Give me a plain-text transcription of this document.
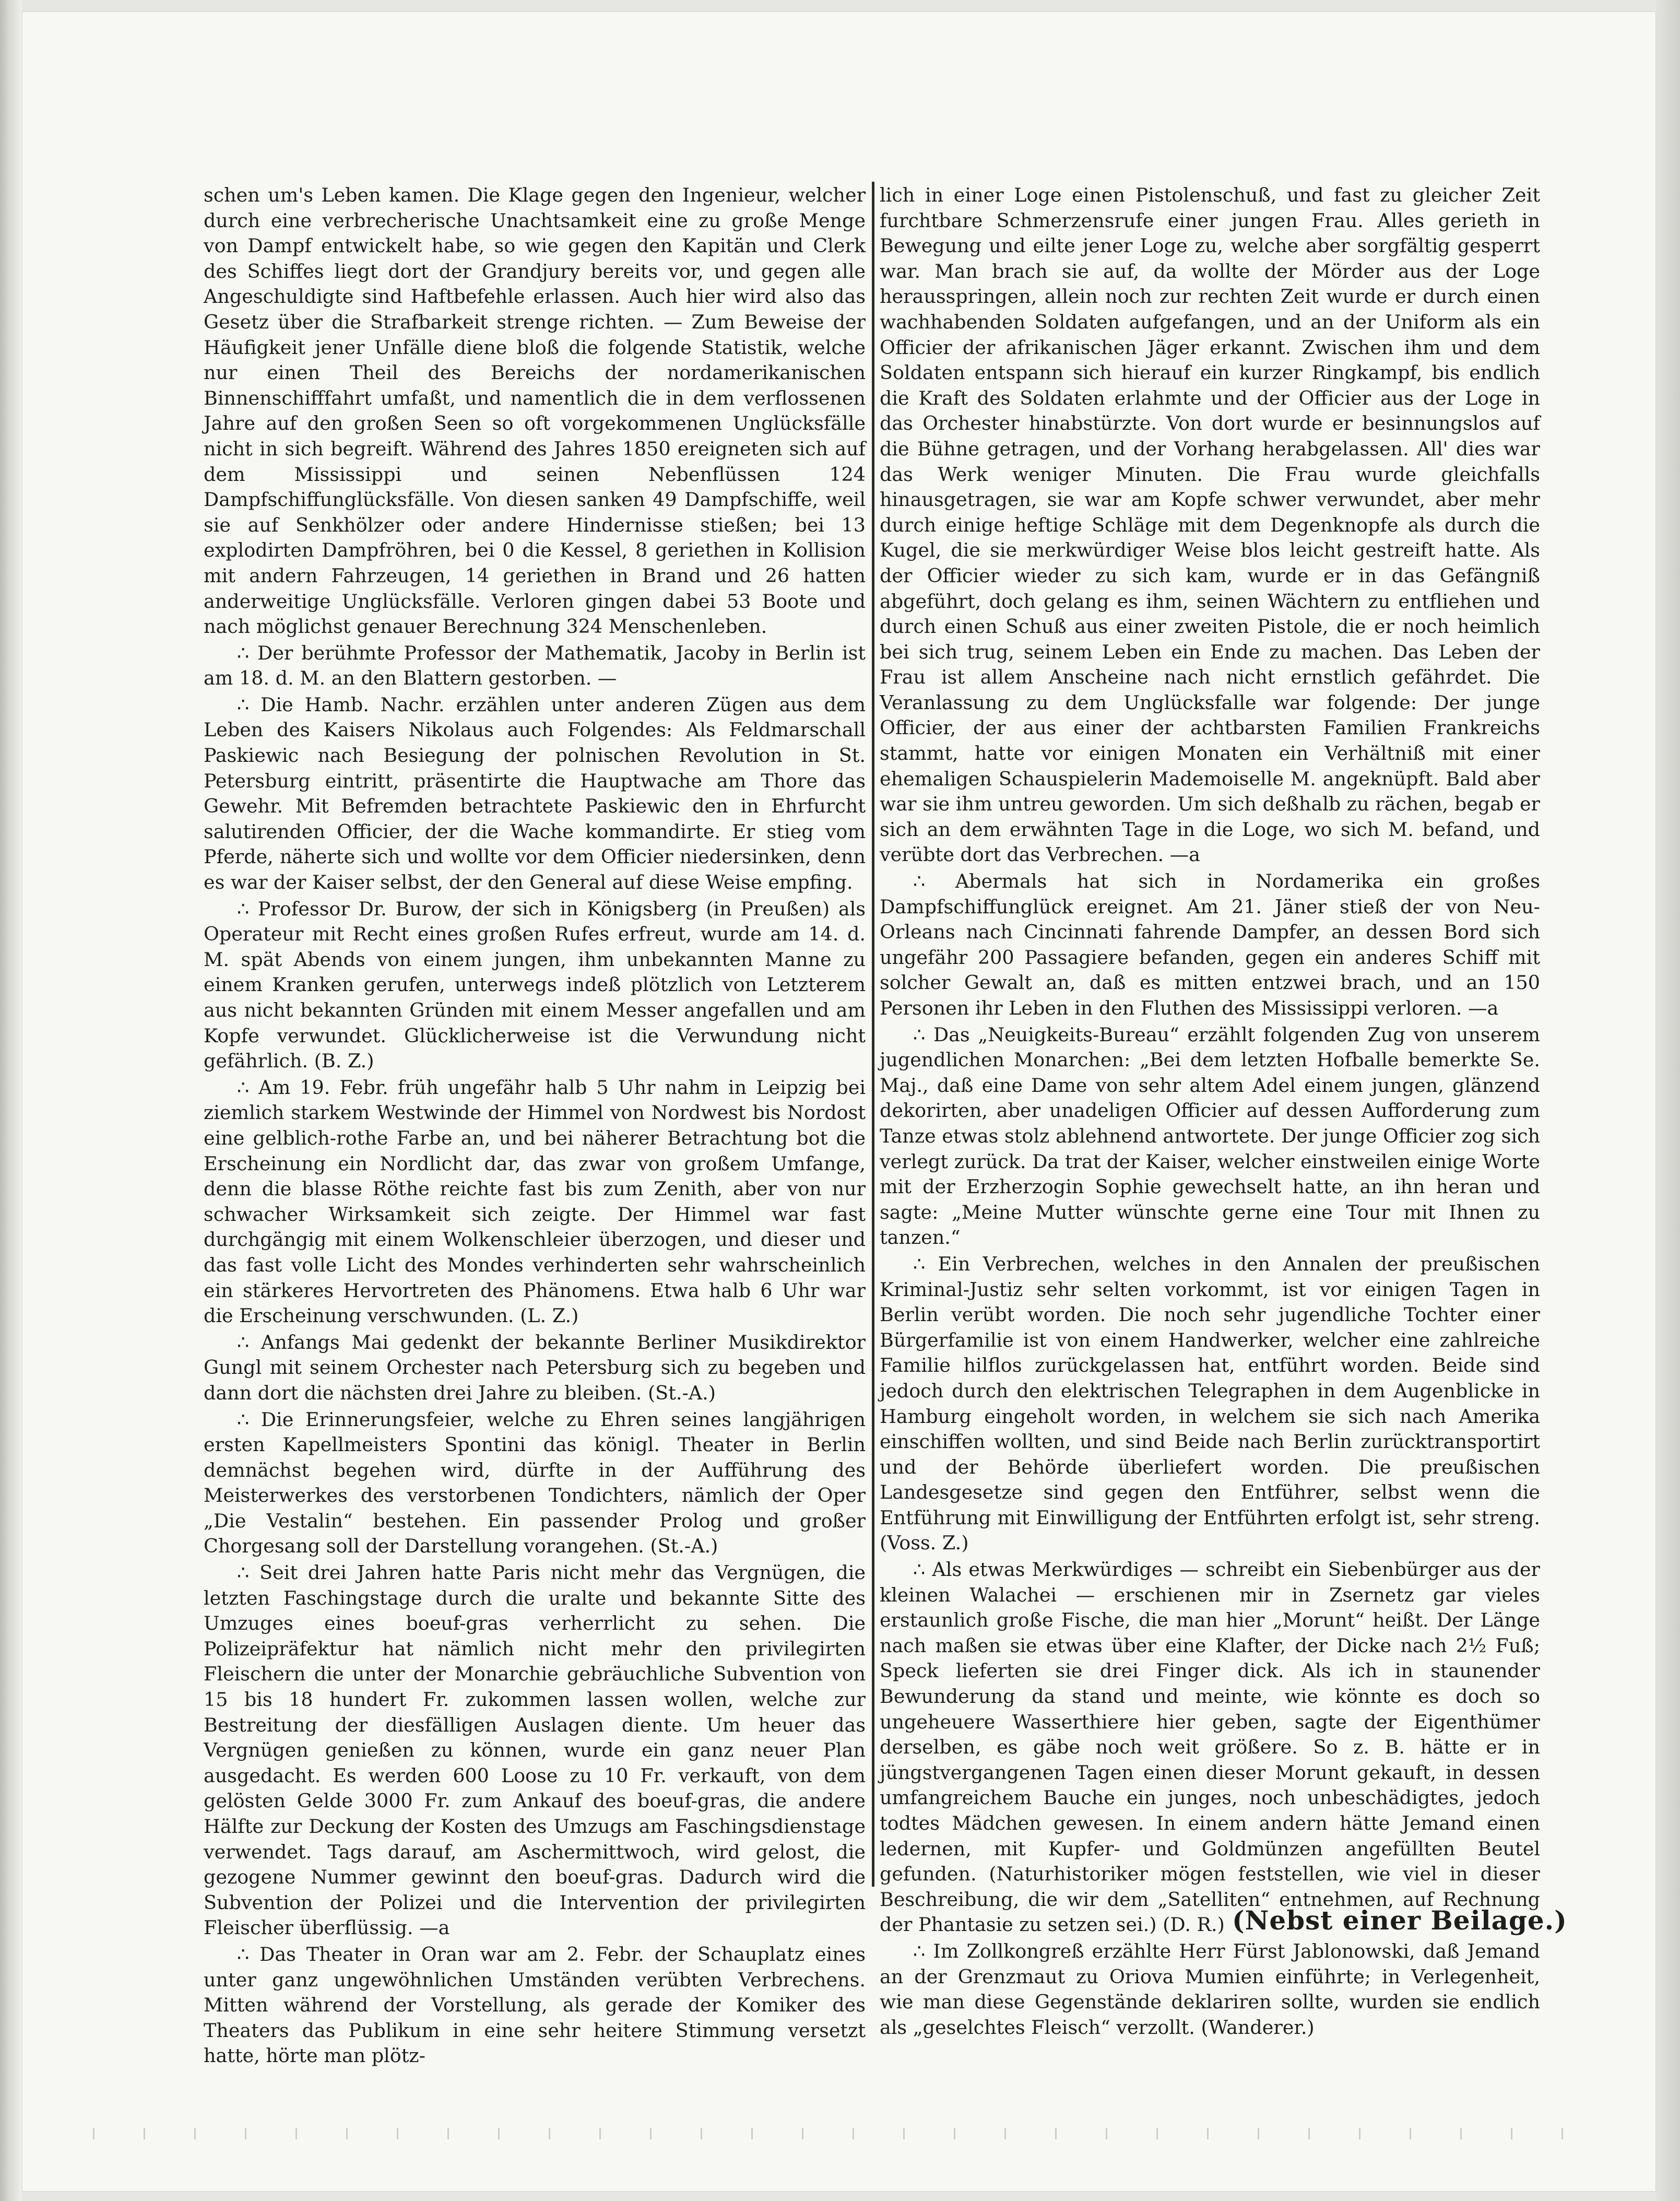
schen um's Leben kamen. Die Klage gegen den Ingenieur, welcher durch eine verbrecherische Unachtsamkeit eine zu große Menge von Dampf entwickelt habe, so wie gegen den Kapitän und Clerk des Schiffes liegt dort der Grandjury bereits vor, und gegen alle Angeschuldigte sind Haftbefehle erlassen. Auch hier wird also das Gesetz über die Strafbarkeit strenge richten. — Zum Beweise der Häufigkeit jener Unfälle diene bloß die folgende Statistik, welche nur einen Theil des Bereichs der nordamerikanischen Binnenschifffahrt umfaßt, und namentlich die in dem verflossenen Jahre auf den großen Seen so oft vorgekommenen Unglücksfälle nicht in sich begreift. Während des Jahres 1850 ereigneten sich auf dem Mississippi und seinen Nebenflüssen 124 Dampfschiffunglücksfälle. Von diesen sanken 49 Dampfschiffe, weil sie auf Senkhölzer oder andere Hindernisse stießen; bei 13 explodirten Dampfröhren, bei 0 die Kessel, 8 geriethen in Kollision mit andern Fahrzeugen, 14 geriethen in Brand und 26 hatten anderweitige Unglücksfälle. Verloren gingen dabei 53 Boote und nach möglichst genauer Berechnung 324 Menschenleben.

∴ Der berühmte Professor der Mathematik, Jacoby in Berlin ist am 18. d. M. an den Blattern gestorben. —

∴ Die Hamb. Nachr. erzählen unter anderen Zügen aus dem Leben des Kaisers Nikolaus auch Folgendes: Als Feldmarschall Paskiewic nach Besiegung der polnischen Revolution in St. Petersburg eintritt, präsentirte die Hauptwache am Thore das Gewehr. Mit Befremden betrachtete Paskiewic den in Ehrfurcht salutirenden Officier, der die Wache kommandirte. Er stieg vom Pferde, näherte sich und wollte vor dem Officier niedersinken, denn es war der Kaiser selbst, der den General auf diese Weise empfing.

∴ Professor Dr. Burow, der sich in Königsberg (in Preußen) als Operateur mit Recht eines großen Rufes erfreut, wurde am 14. d. M. spät Abends von einem jungen, ihm unbekannten Manne zu einem Kranken gerufen, unterwegs indeß plötzlich von Letzterem aus nicht bekannten Gründen mit einem Messer angefallen und am Kopfe verwundet. Glücklicherweise ist die Verwundung nicht gefährlich. (B. Z.)

∴ Am 19. Febr. früh ungefähr halb 5 Uhr nahm in Leipzig bei ziemlich starkem Westwinde der Himmel von Nordwest bis Nordost eine gelblich-rothe Farbe an, und bei näherer Betrachtung bot die Erscheinung ein Nordlicht dar, das zwar von großem Umfange, denn die blasse Röthe reichte fast bis zum Zenith, aber von nur schwacher Wirksamkeit sich zeigte. Der Himmel war fast durchgängig mit einem Wolkenschleier überzogen, und dieser und das fast volle Licht des Mondes verhinderten sehr wahrscheinlich ein stärkeres Hervortreten des Phänomens. Etwa halb 6 Uhr war die Erscheinung verschwunden. (L. Z.)

∴ Anfangs Mai gedenkt der bekannte Berliner Musikdirektor Gungl mit seinem Orchester nach Petersburg sich zu begeben und dann dort die nächsten drei Jahre zu bleiben. (St.-A.)

∴ Die Erinnerungsfeier, welche zu Ehren seines langjährigen ersten Kapellmeisters Spontini das königl. Theater in Berlin demnächst begehen wird, dürfte in der Aufführung des Meisterwerkes des verstorbenen Tondichters, nämlich der Oper „Die Vestalin“ bestehen. Ein passender Prolog und großer Chorgesang soll der Darstellung vorangehen. (St.-A.)

∴ Seit drei Jahren hatte Paris nicht mehr das Vergnügen, die letzten Faschingstage durch die uralte und bekannte Sitte des Umzuges eines boeuf-gras verherrlicht zu sehen. Die Polizeipräfektur hat nämlich nicht mehr den privilegirten Fleischern die unter der Monarchie gebräuchliche Subvention von 15 bis 18 hundert Fr. zukommen lassen wollen, welche zur Bestreitung der diesfälligen Auslagen diente. Um heuer das Vergnügen genießen zu können, wurde ein ganz neuer Plan ausgedacht. Es werden 600 Loose zu 10 Fr. verkauft, von dem gelösten Gelde 3000 Fr. zum Ankauf des boeuf-gras, die andere Hälfte zur Deckung der Kosten des Umzugs am Faschingsdienstage verwendet. Tags darauf, am Aschermittwoch, wird gelost, die gezogene Nummer gewinnt den boeuf-gras. Dadurch wird die Subvention der Polizei und die Intervention der privilegirten Fleischer überflüssig. —a

∴ Das Theater in Oran war am 2. Febr. der Schauplatz eines unter ganz ungewöhnlichen Umständen verübten Verbrechens. Mitten während der Vorstellung, als gerade der Komiker des Theaters das Publikum in eine sehr heitere Stimmung versetzt hatte, hörte man plötz-

lich in einer Loge einen Pistolenschuß, und fast zu gleicher Zeit furchtbare Schmerzensrufe einer jungen Frau. Alles gerieth in Bewegung und eilte jener Loge zu, welche aber sorgfältig gesperrt war. Man brach sie auf, da wollte der Mörder aus der Loge herausspringen, allein noch zur rechten Zeit wurde er durch einen wachhabenden Soldaten aufgefangen, und an der Uniform als ein Officier der afrikanischen Jäger erkannt. Zwischen ihm und dem Soldaten entspann sich hierauf ein kurzer Ringkampf, bis endlich die Kraft des Soldaten erlahmte und der Officier aus der Loge in das Orchester hinabstürzte. Von dort wurde er besinnungslos auf die Bühne getragen, und der Vorhang herabgelassen. All' dies war das Werk weniger Minuten. Die Frau wurde gleichfalls hinausgetragen, sie war am Kopfe schwer verwundet, aber mehr durch einige heftige Schläge mit dem Degenknopfe als durch die Kugel, die sie merkwürdiger Weise blos leicht gestreift hatte. Als der Officier wieder zu sich kam, wurde er in das Gefängniß abgeführt, doch gelang es ihm, seinen Wächtern zu entfliehen und durch einen Schuß aus einer zweiten Pistole, die er noch heimlich bei sich trug, seinem Leben ein Ende zu machen. Das Leben der Frau ist allem Anscheine nach nicht ernstlich gefährdet. Die Veranlassung zu dem Unglücksfalle war folgende: Der junge Officier, der aus einer der achtbarsten Familien Frankreichs stammt, hatte vor einigen Monaten ein Verhältniß mit einer ehemaligen Schauspielerin Mademoiselle M. angeknüpft. Bald aber war sie ihm untreu geworden. Um sich deßhalb zu rächen, begab er sich an dem erwähnten Tage in die Loge, wo sich M. befand, und verübte dort das Verbrechen. —a

∴ Abermals hat sich in Nordamerika ein großes Dampfschiffunglück ereignet. Am 21. Jäner stieß der von Neu-Orleans nach Cincinnati fahrende Dampfer, an dessen Bord sich ungefähr 200 Passagiere befanden, gegen ein anderes Schiff mit solcher Gewalt an, daß es mitten entzwei brach, und an 150 Personen ihr Leben in den Fluthen des Mississippi verloren. —a

∴ Das „Neuigkeits-Bureau“ erzählt folgenden Zug von unserem jugendlichen Monarchen: „Bei dem letzten Hofballe bemerkte Se. Maj., daß eine Dame von sehr altem Adel einem jungen, glänzend dekorirten, aber unadeligen Officier auf dessen Aufforderung zum Tanze etwas stolz ablehnend antwortete. Der junge Officier zog sich verlegt zurück. Da trat der Kaiser, welcher einstweilen einige Worte mit der Erzherzogin Sophie gewechselt hatte, an ihn heran und sagte: „Meine Mutter wünschte gerne eine Tour mit Ihnen zu tanzen.“

∴ Ein Verbrechen, welches in den Annalen der preußischen Kriminal-Justiz sehr selten vorkommt, ist vor einigen Tagen in Berlin verübt worden. Die noch sehr jugendliche Tochter einer Bürgerfamilie ist von einem Handwerker, welcher eine zahlreiche Familie hilflos zurückgelassen hat, entführt worden. Beide sind jedoch durch den elektrischen Telegraphen in dem Augenblicke in Hamburg eingeholt worden, in welchem sie sich nach Amerika einschiffen wollten, und sind Beide nach Berlin zurücktransportirt und der Behörde überliefert worden. Die preußischen Landesgesetze sind gegen den Entführer, selbst wenn die Entführung mit Einwilligung der Entführten erfolgt ist, sehr streng. (Voss. Z.)

∴ Als etwas Merkwürdiges — schreibt ein Siebenbürger aus der kleinen Walachei — erschienen mir in Zsernetz gar vieles erstaunlich große Fische, die man hier „Morunt“ heißt. Der Länge nach maßen sie etwas über eine Klafter, der Dicke nach 2½ Fuß; Speck lieferten sie drei Finger dick. Als ich in staunender Bewunderung da stand und meinte, wie könnte es doch so ungeheuere Wasserthiere hier geben, sagte der Eigenthümer derselben, es gäbe noch weit größere. So z. B. hätte er in jüngstvergangenen Tagen einen dieser Morunt gekauft, in dessen umfangreichem Bauche ein junges, noch unbeschädigtes, jedoch todtes Mädchen gewesen. In einem andern hätte Jemand einen ledernen, mit Kupfer- und Goldmünzen angefüllten Beutel gefunden. (Naturhistoriker mögen feststellen, wie viel in dieser Beschreibung, die wir dem „Satelliten“ entnehmen, auf Rechnung der Phantasie zu setzen sei.) (D. R.)

∴ Im Zollkongreß erzählte Herr Fürst Jablonowski, daß Jemand an der Grenzmaut zu Oriova Mumien einführte; in Verlegenheit, wie man diese Gegenstände deklariren sollte, wurden sie endlich als „geselchtes Fleisch“ verzollt. (Wanderer.)

(Nebst einer Beilage.)
